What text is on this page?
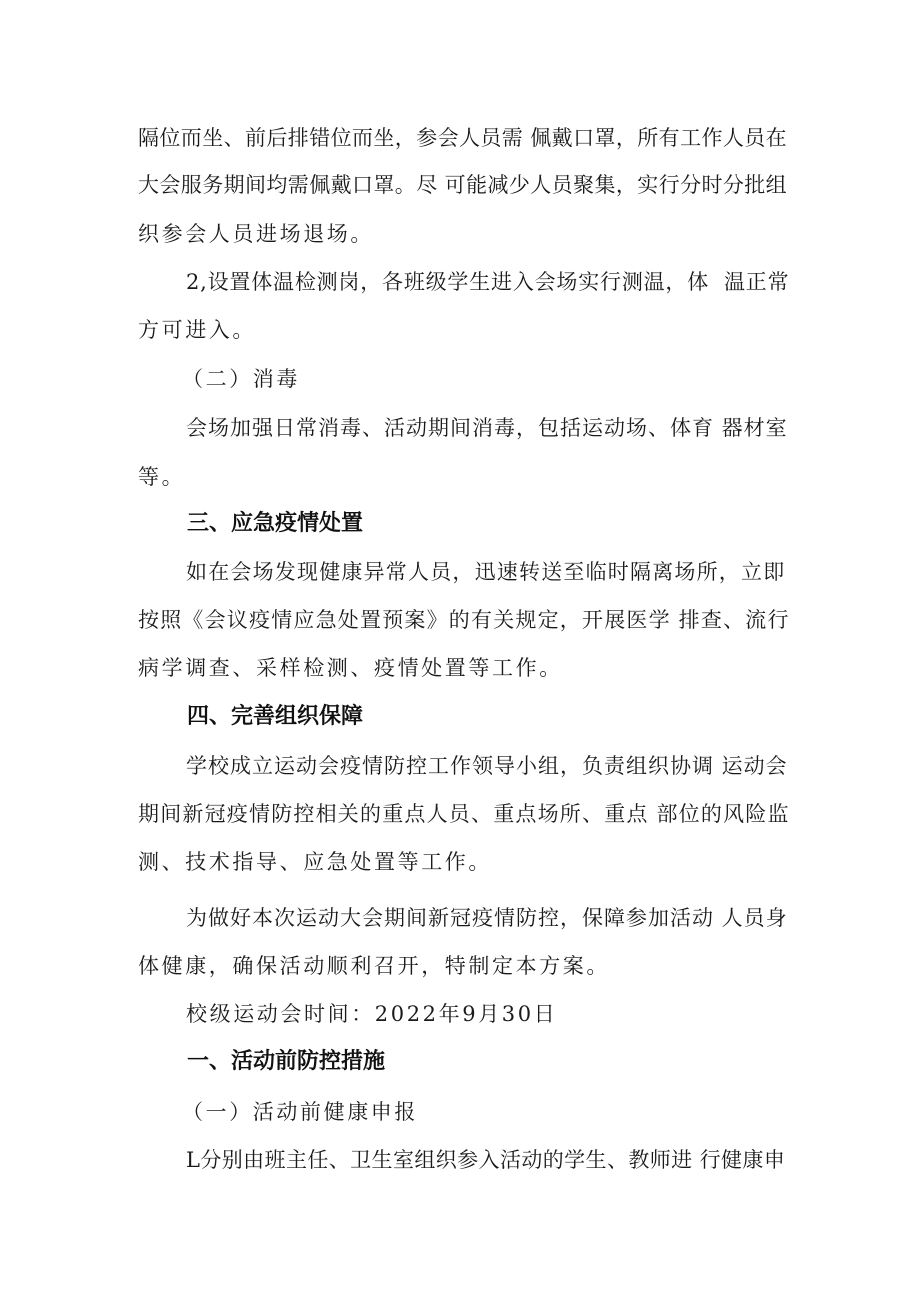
隔位而坐、前后排错位而坐，参会人员需 佩戴口罩，所有工作人员在
大会服务期间均需佩戴口罩。尽 可能减少人员聚集，实行分时分批组
织参会人员进场退场。
2,设置体温检测岗，各班级学生进入会场实行测温，体  温正常
方可进入。
（二）消毒
会场加强日常消毒、活动期间消毒，包括运动场、体育 器材室
等。
三、应急疫情处置
如在会场发现健康异常人员，迅速转送至临时隔离场所，立即
按照《会议疫情应急处置预案》的有关规定，开展医学 排查、流行
病学调查、采样检测、疫情处置等工作。
四、完善组织保障
学校成立运动会疫情防控工作领导小组，负责组织协调 运动会
期间新冠疫情防控相关的重点人员、重点场所、重点 部位的风险监
测、技术指导、应急处置等工作。
为做好本次运动大会期间新冠疫情防控，保障参加活动 人员身
体健康，确保活动顺利召开，特制定本方案。
校级运动会时间：2022年9月30日
一、活动前防控措施
（一）活动前健康申报
L分别由班主任、卫生室组织参入活动的学生、教师进 行健康申
